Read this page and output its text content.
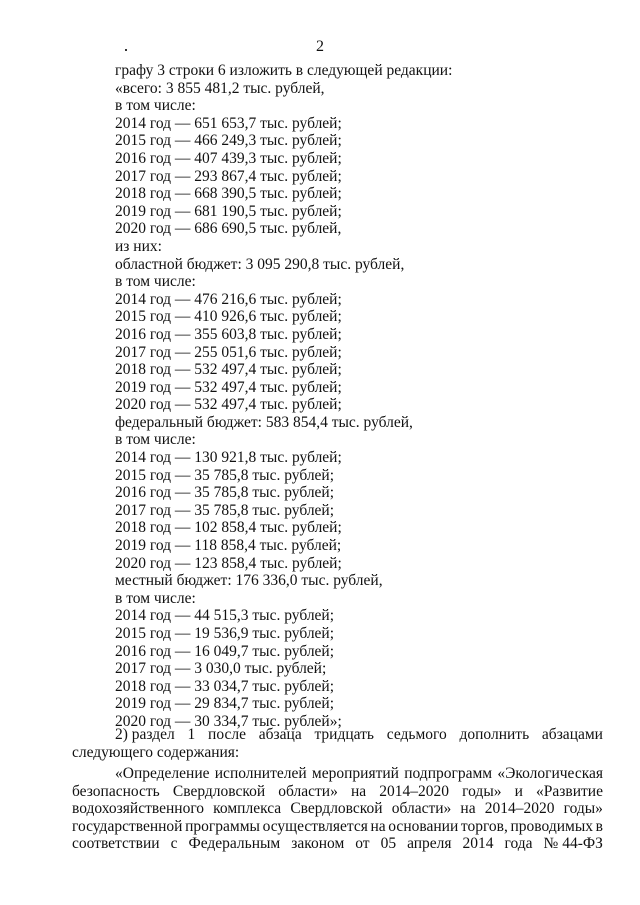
2
графу 3 строки 6 изложить в следующей редакции:
«всего: 3 855 481,2 тыс. рублей,
в том числе:
2014 год — 651 653,7 тыс. рублей;
2015 год — 466 249,3 тыс. рублей;
2016 год — 407 439,3 тыс. рублей;
2017 год — 293 867,4 тыс. рублей;
2018 год — 668 390,5 тыс. рублей;
2019 год — 681 190,5 тыс. рублей;
2020 год — 686 690,5 тыс. рублей,
из них:
областной бюджет: 3 095 290,8 тыс. рублей,
в том числе:
2014 год — 476 216,6 тыс. рублей;
2015 год — 410 926,6 тыс. рублей;
2016 год — 355 603,8 тыс. рублей;
2017 год — 255 051,6 тыс. рублей;
2018 год — 532 497,4 тыс. рублей;
2019 год — 532 497,4 тыс. рублей;
2020 год — 532 497,4 тыс. рублей;
федеральный бюджет: 583 854,4 тыс. рублей,
в том числе:
2014 год — 130 921,8 тыс. рублей;
2015 год — 35 785,8 тыс. рублей;
2016 год — 35 785,8 тыс. рублей;
2017 год — 35 785,8 тыс. рублей;
2018 год — 102 858,4 тыс. рублей;
2019 год — 118 858,4 тыс. рублей;
2020 год — 123 858,4 тыс. рублей;
местный бюджет: 176 336,0 тыс. рублей,
в том числе:
2014 год — 44 515,3 тыс. рублей;
2015 год — 19 536,9 тыс. рублей;
2016 год — 16 049,7 тыс. рублей;
2017 год — 3 030,0 тыс. рублей;
2018 год — 33 034,7 тыс. рублей;
2019 год — 29 834,7 тыс. рублей;
2020 год — 30 334,7 тыс. рублей»;
2) раздел 1 после абзаца тридцать седьмого дополнить абзацами
следующего содержания:
«Определение исполнителей мероприятий подпрограмм «Экологическая
безопасность Свердловской области» на 2014–2020 годы» и «Развитие
водохозяйственного комплекса Свердловской области» на 2014–2020 годы»
государственной программы осуществляется на основании торгов, проводимых в
соответствии с Федеральным законом от 05 апреля 2014 года № 44-ФЗ
